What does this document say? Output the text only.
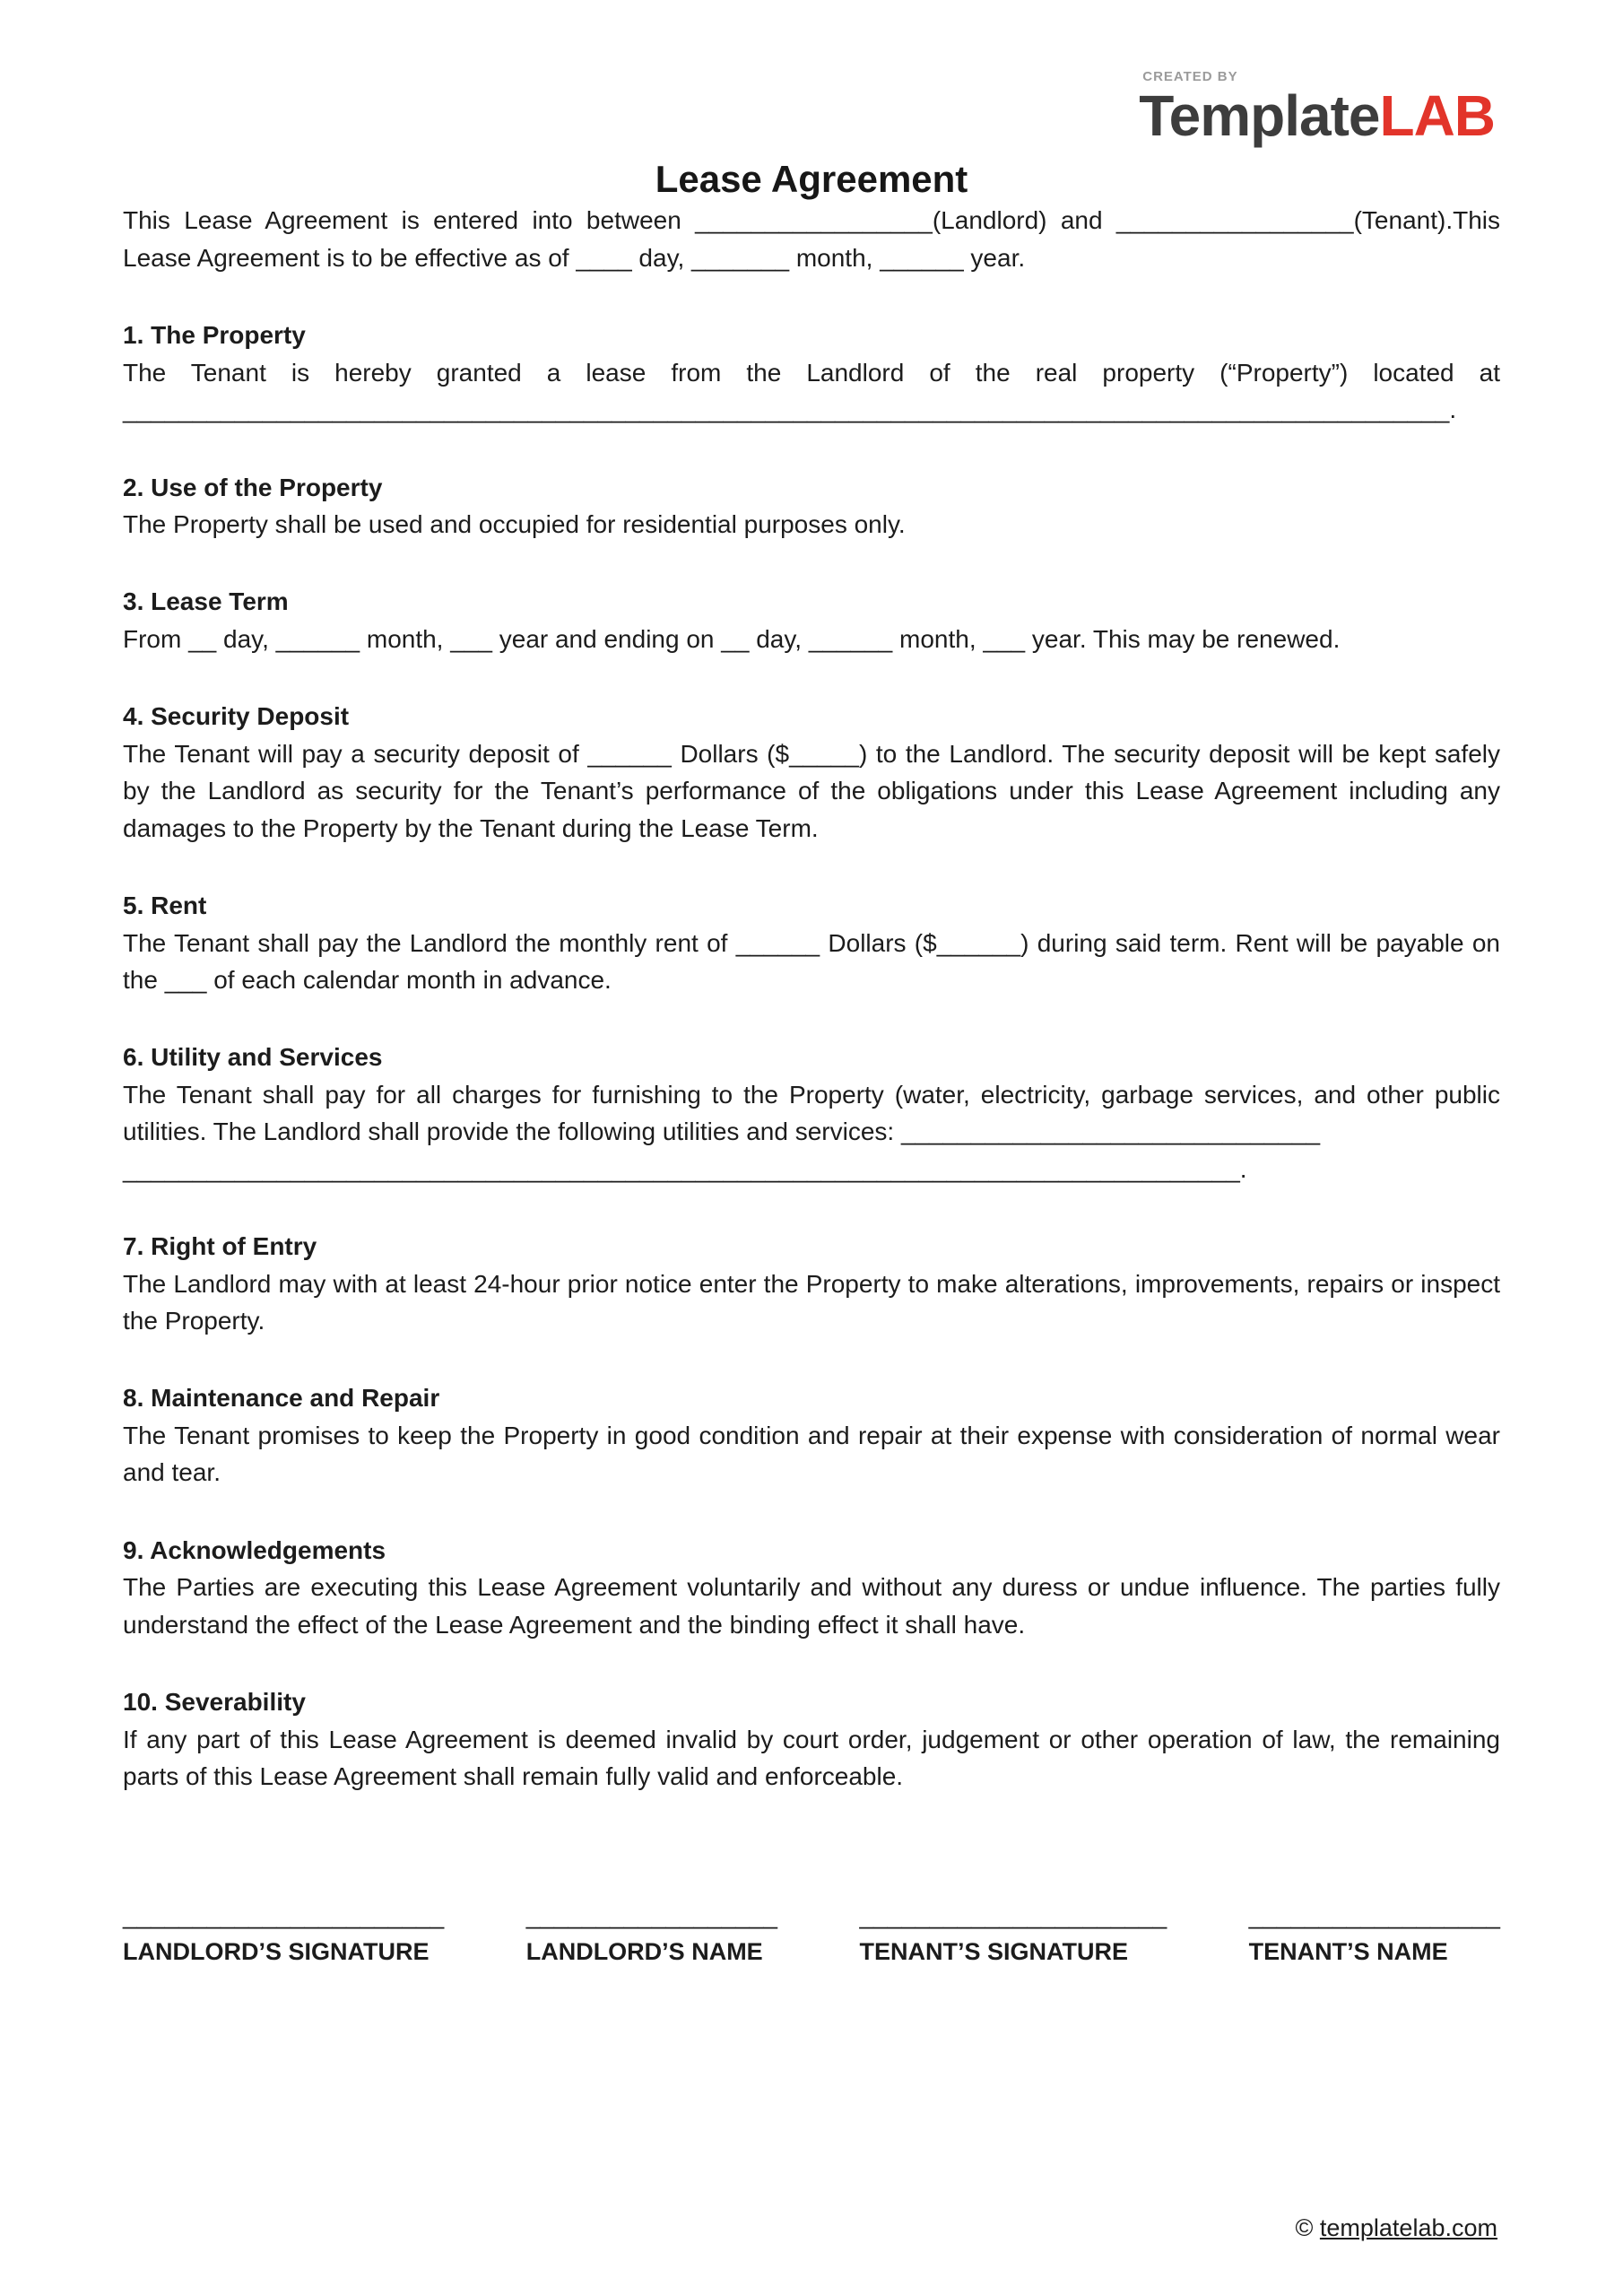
CREATED BY
TemplateLAB
Lease Agreement

This Lease Agreement is entered into between _________________(Landlord) and _________________(Tenant).This Lease Agreement is to be effective as of ____ day, _______ month, ______ year.

1. The Property

The Tenant is hereby granted a lease from the Landlord of the real property (“Property”) located at _______________________________________________________________________________________________.

2. Use of the Property

The Property shall be used and occupied for residential purposes only.

3. Lease Term

From __ day, ______ month, ___ year and ending on __ day, ______ month, ___ year. This may be renewed.

4. Security Deposit

The Tenant will pay a security deposit of ______ Dollars ($_____) to the Landlord. The security deposit will be kept safely by the Landlord as security for the Tenant’s performance of the obligations under this Lease Agreement including any damages to the Property by the Tenant during the Lease Term.

5. Rent

The Tenant shall pay the Landlord the monthly rent of ______ Dollars ($______) during said term. Rent will be payable on the ___ of each calendar month in advance.

6. Utility and Services

The Tenant shall pay for all charges for furnishing to the Property (water, electricity, garbage services, and other public utilities. The Landlord shall provide the following utilities and services: ______________________________

________________________________________________________________________________.

7. Right of Entry

The Landlord may with at least 24-hour prior notice enter the Property to make alterations, improvements, repairs or inspect the Property.

8. Maintenance and Repair

The Tenant promises to keep the Property in good condition and repair at their expense with consideration of normal wear and tear.

9. Acknowledgements

The Parties are executing this Lease Agreement voluntarily and without any duress or undue influence. The parties fully understand the effect of the Lease Agreement and the binding effect it shall have.

10. Severability

If any part of this Lease Agreement is deemed invalid by court order, judgement or other operation of law, the remaining parts of this Lease Agreement shall remain fully valid and enforceable.

_______________________
LANDLORD’S SIGNATURE
__________________
LANDLORD’S NAME
______________________
TENANT’S SIGNATURE
__________________
TENANT’S NAME
© templatelab.com
